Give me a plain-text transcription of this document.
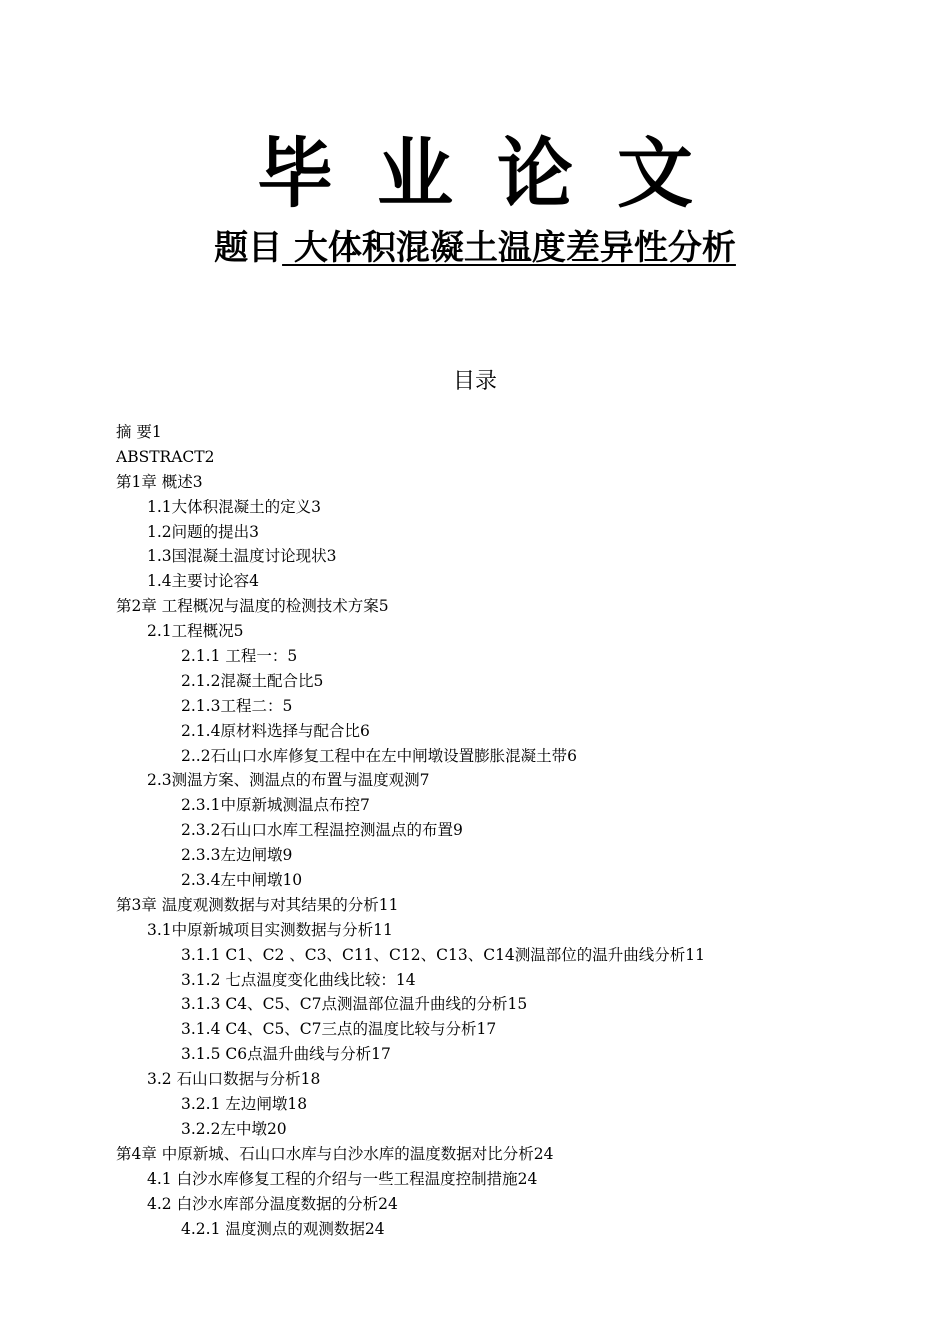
毕业论文
题目 大体积混凝土温度差异性分析
目录
摘 要1
ABSTRACT2
第1章 概述3
1.1大体积混凝土的定义3
1.2问题的提出3
1.3国混凝土温度讨论现状3
1.4主要讨论容4
第2章 工程概况与温度的检测技术方案5
2.1工程概况5
2.1.1 工程一：5
2.1.2混凝土配合比5
2.1.3工程二：5
2.1.4原材料选择与配合比6
2..2石山口水库修复工程中在左中闸墩设置膨胀混凝土带6
2.3测温方案、测温点的布置与温度观测7
2.3.1中原新城测温点布控7
2.3.2石山口水库工程温控测温点的布置9
2.3.3左边闸墩9
2.3.4左中闸墩10
第3章 温度观测数据与对其结果的分析11
3.1中原新城项目实测数据与分析11
3.1.1 C1、C2 、C3、C11、C12、C13、C14测温部位的温升曲线分析11
3.1.2 七点温度变化曲线比较：14
3.1.3 C4、C5、C7点测温部位温升曲线的分析15
3.1.4 C4、C5、C7三点的温度比较与分析17
3.1.5 C6点温升曲线与分析17
3.2 石山口数据与分析18
3.2.1 左边闸墩18
3.2.2左中墩20
第4章 中原新城、石山口水库与白沙水库的温度数据对比分析24
4.1 白沙水库修复工程的介绍与一些工程温度控制措施24
4.2 白沙水库部分温度数据的分析24
4.2.1 温度测点的观测数据24
